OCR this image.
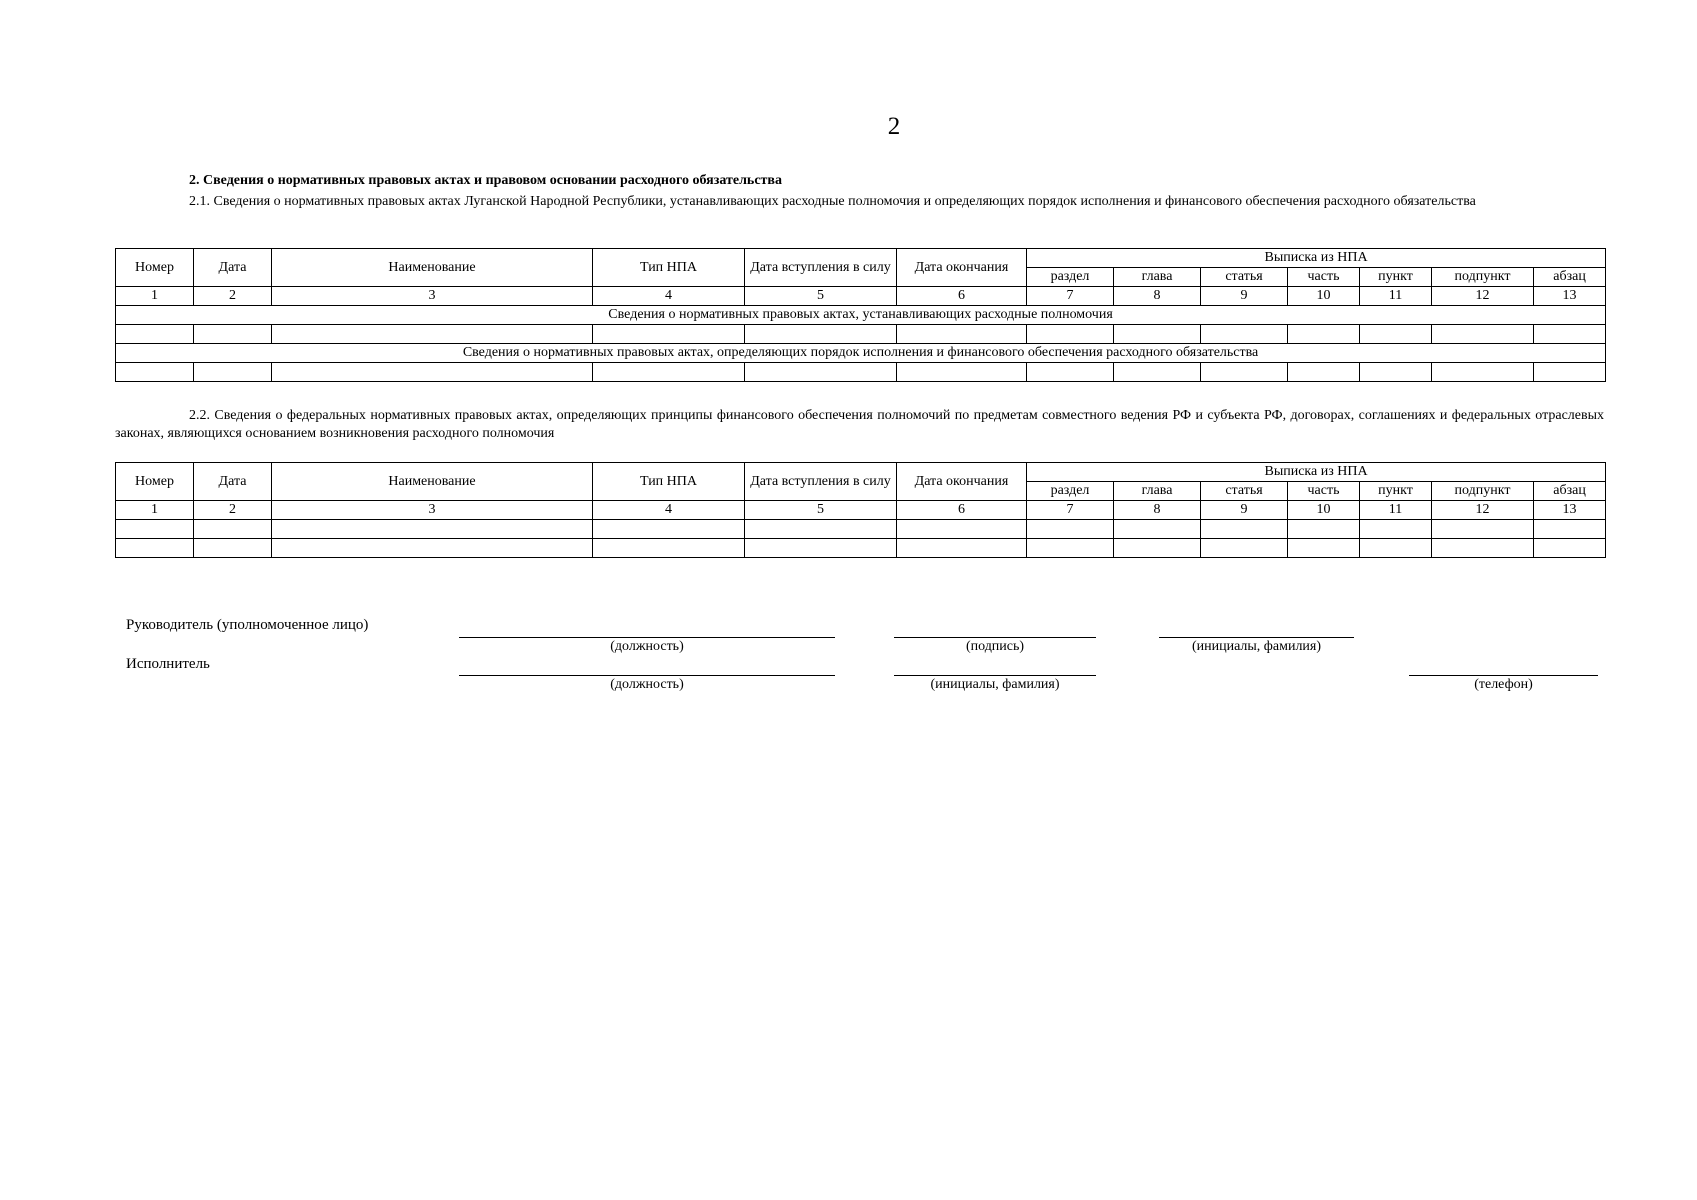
2
2. Сведения о нормативных правовых актах и правовом основании расходного обязательства
2.1. Сведения о нормативных правовых актах Луганской Народной Республики, устанавливающих расходные полномочия и определяющих порядок исполнения и финансового обеспечения расходного обязательства
Номер	Дата	Наименование	Тип НПА	Дата вступления в силу	Дата окончания	Выписка из НПА						
						раздел	глава	статья	часть	пункт	подпункт	абзац
1	2	3	4	5	6	7	8	9	10	11	12	13
Сведения о нормативных правовых актах, устанавливающих расходные полномочия												

Сведения о нормативных правовых актах, определяющих порядок исполнения и финансового обеспечения расходного обязательства												

2.2. Сведения о федеральных нормативных правовых актах, определяющих принципы финансового обеспечения полномочий по предметам совместного ведения РФ и субъекта РФ, договорах, соглашениях и федеральных отраслевых законах, являющихся основанием возникновения расходного полномочия
Номер	Дата	Наименование	Тип НПА	Дата вступления в силу	Дата окончания	Выписка из НПА						
						раздел	глава	статья	часть	пункт	подпункт	абзац
1	2	3	4	5	6	7	8	9	10	11	12	13

Руководитель (уполномоченное лицо)
(должность)	(подпись)	(инициалы, фамилия)
Исполнитель
(должность)	(инициалы, фамилия)	(телефон)
